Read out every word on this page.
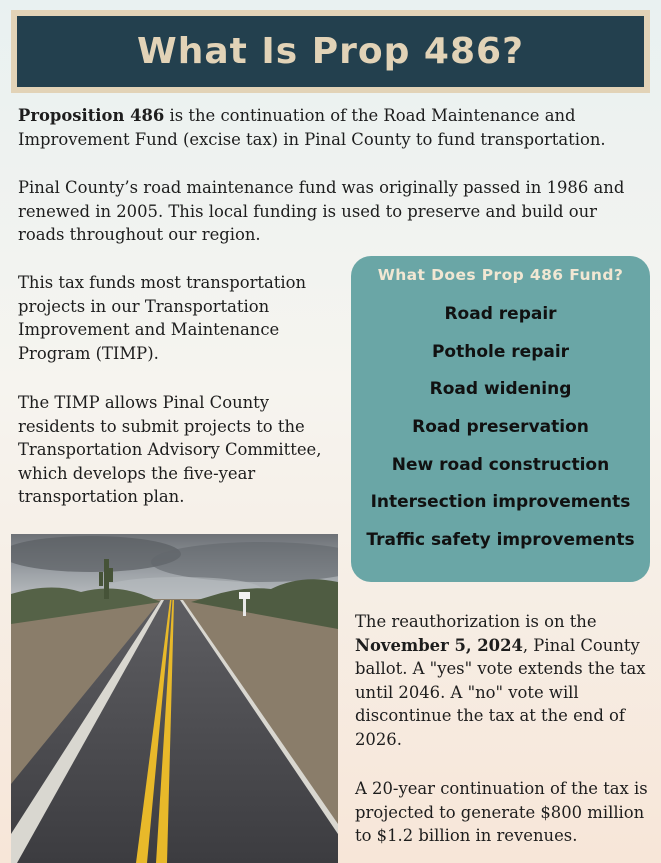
What Is Prop 486?

Proposition 486 is the continuation of the Road Maintenance and Improvement Fund (excise tax) in Pinal County to fund transportation.

Pinal County’s road maintenance fund was originally passed in 1986 and renewed in 2005. This local funding is used to preserve and build our roads throughout our region.

This tax funds most transportation projects in our Transportation Improvement and Maintenance Program (TIMP).

The TIMP allows Pinal County residents to submit projects to the Transportation Advisory Committee, which develops the five-year transportation plan.

What Does Prop 486 Fund?
Road repair
Pothole repair
Road widening
Road preservation
New road construction
Intersection improvements
Traffic safety improvements

The reauthorization is on the November 5, 2024, Pinal County ballot. A "yes" vote extends the tax until 2046. A "no" vote will discontinue the tax at the end of 2026.

A 20-year continuation of the tax is projected to generate $800 million to $1.2 billion in revenues.
